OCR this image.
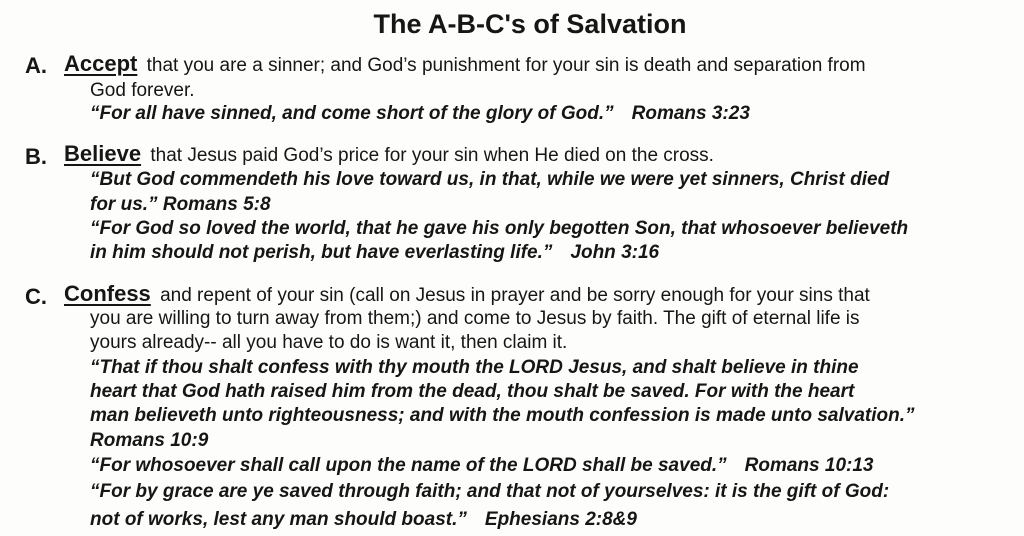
The A-B-C's of Salvation
A. Accept that you are a sinner; and God’s punishment for your sin is death and separation from
God forever.
“For all have sinned, and come short of the glory of God.” Romans 3:23
B. Believe that Jesus paid God’s price for your sin when He died on the cross.
“But God commendeth his love toward us, in that, while we were yet sinners, Christ died
for us.” Romans 5:8
“For God so loved the world, that he gave his only begotten Son, that whosoever believeth
in him should not perish, but have everlasting life.” John 3:16
C. Confess and repent of your sin (call on Jesus in prayer and be sorry enough for your sins that
you are willing to turn away from them;) and come to Jesus by faith. The gift of eternal life is
yours already-- all you have to do is want it, then claim it.
“That if thou shalt confess with thy mouth the LORD Jesus, and shalt believe in thine
heart that God hath raised him from the dead, thou shalt be saved. For with the heart
man believeth unto righteousness; and with the mouth confession is made unto salvation.”
Romans 10:9
“For whosoever shall call upon the name of the LORD shall be saved.” Romans 10:13
“For by grace are ye saved through faith; and that not of yourselves: it is the gift of God:
not of works, lest any man should boast.” Ephesians 2:8&9
